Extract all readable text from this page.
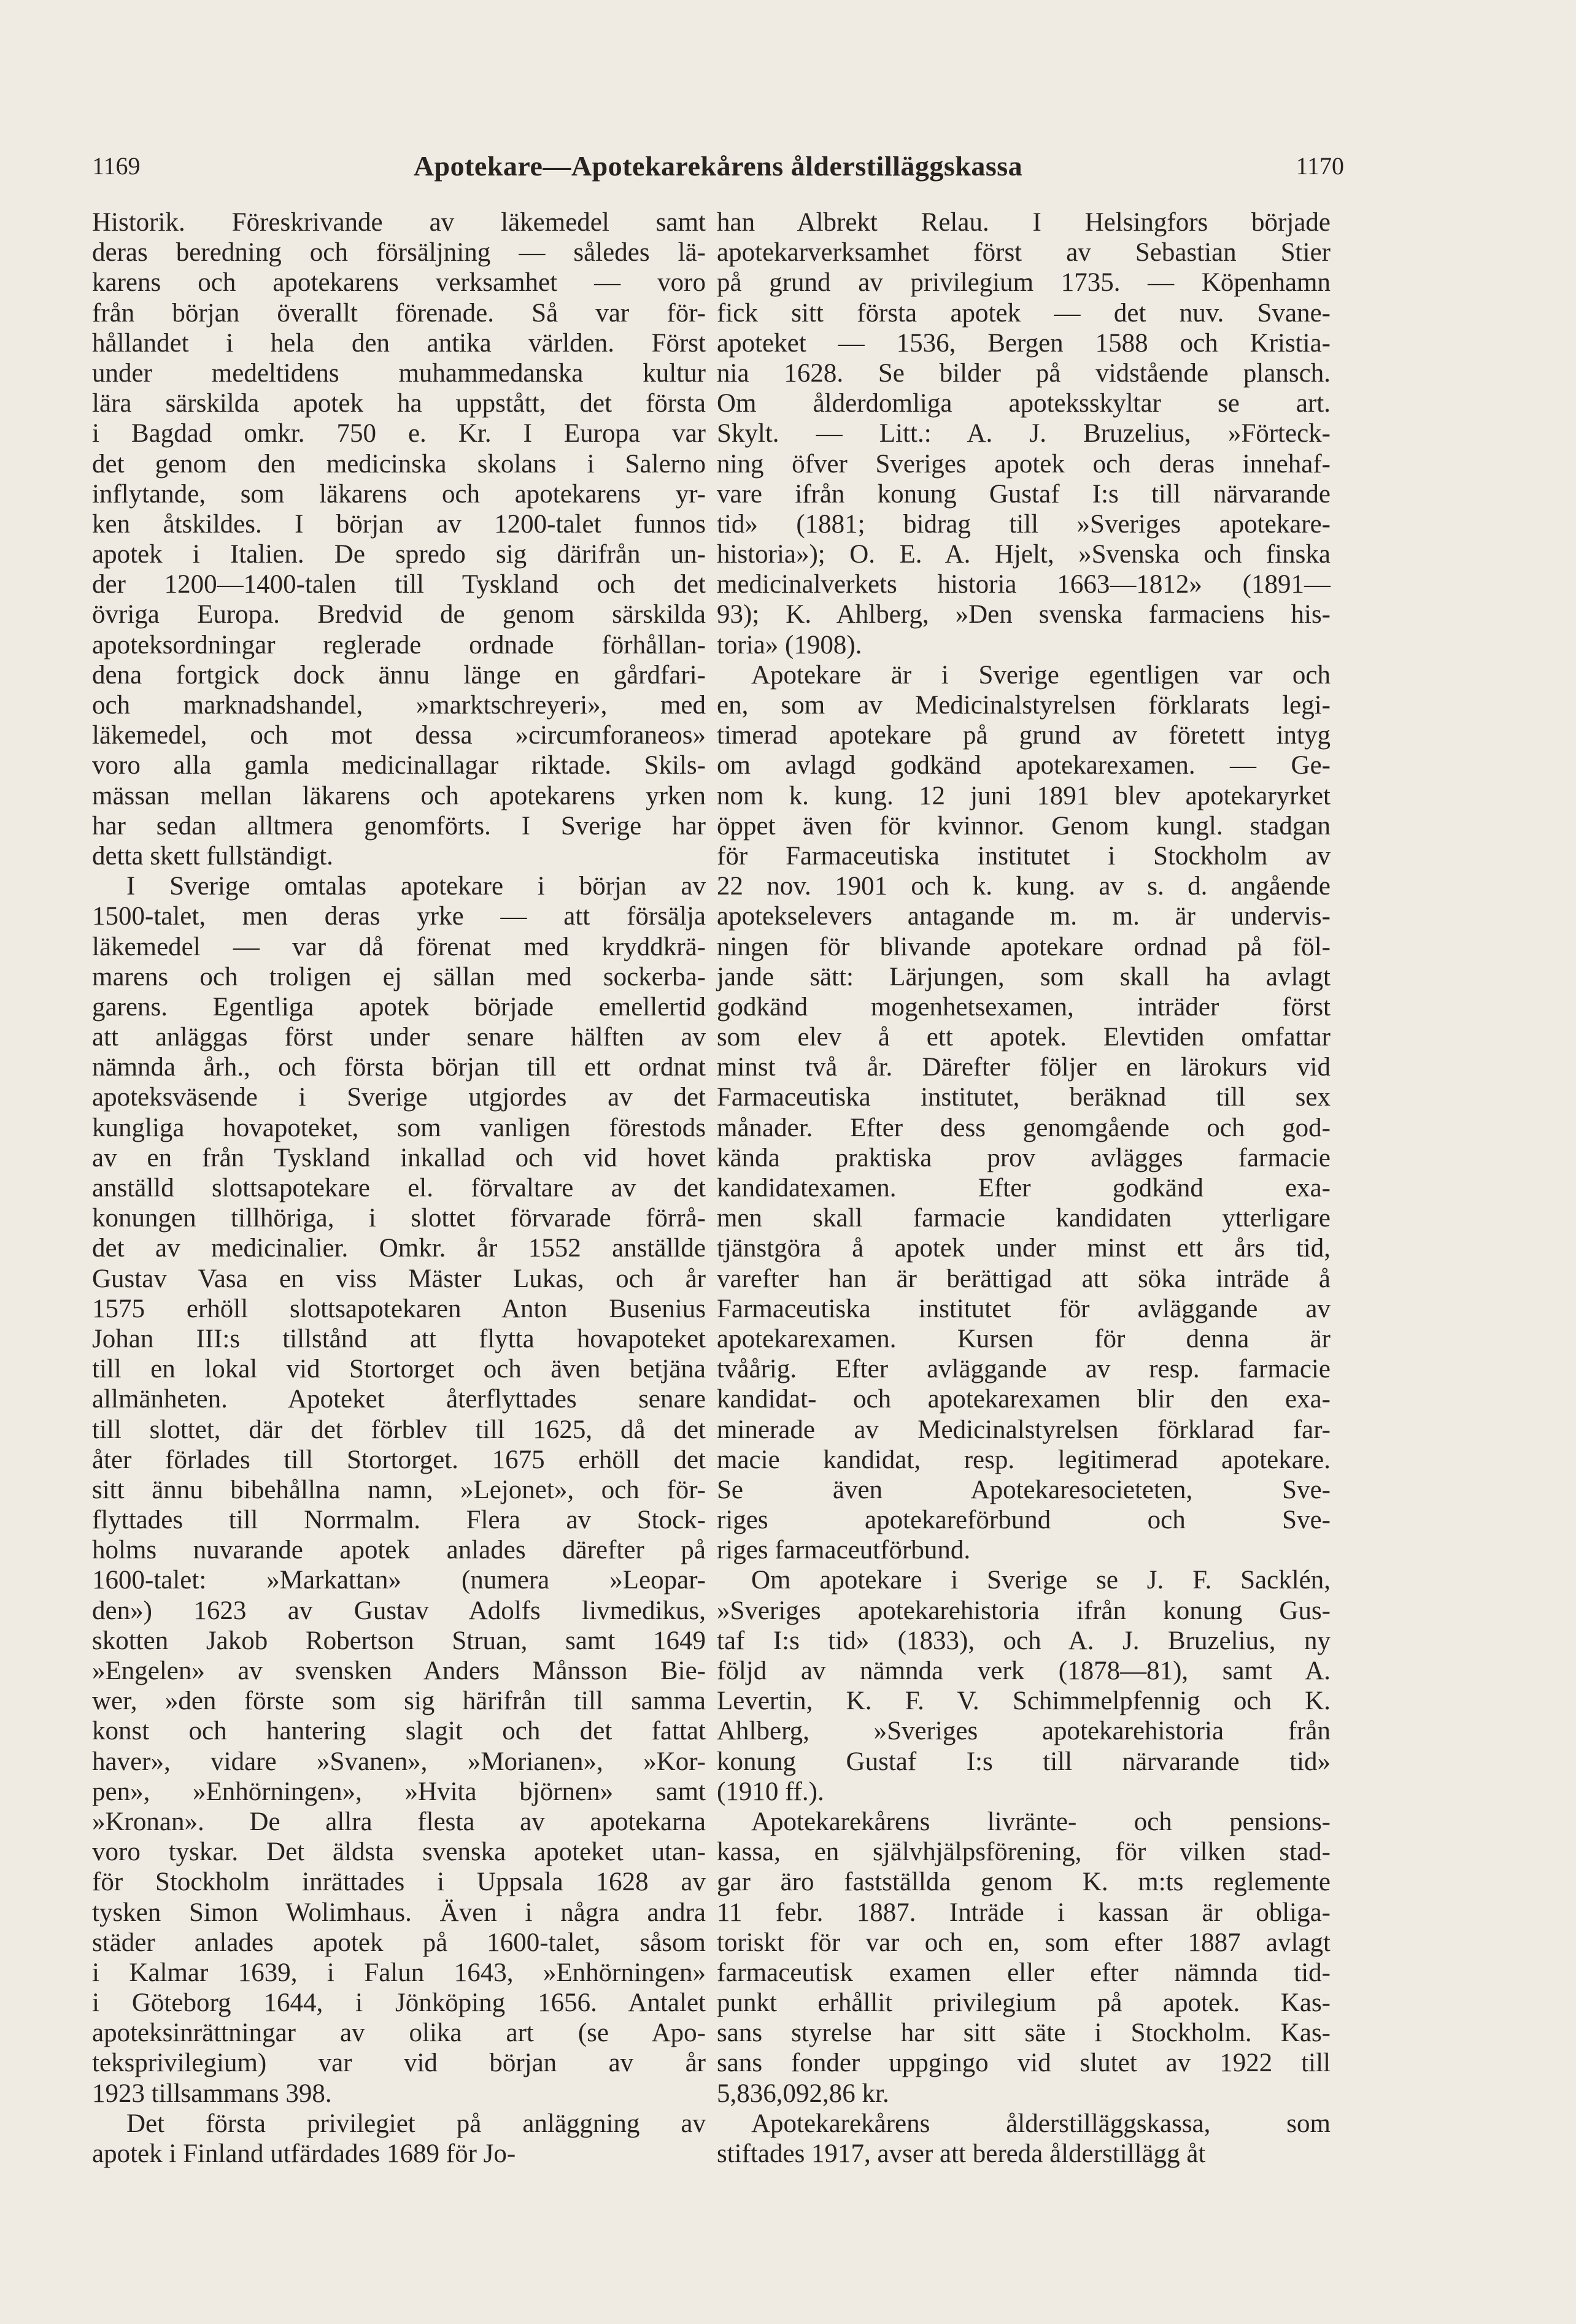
1169	Apotekare—Apotekarekårens ålderstilläggskassa	1170
Historik. Föreskrivande av läkemedel samt
deras beredning och försäljning — således lä-
karens och apotekarens verksamhet — voro
från början överallt förenade. Så var för-
hållandet i hela den antika världen. Först
under medeltidens muhammedanska kultur
lära särskilda apotek ha uppstått, det första
i Bagdad omkr. 750 e. Kr. I Europa var
det genom den medicinska skolans i Salerno
inflytande, som läkarens och apotekarens yr-
ken åtskildes. I början av 1200-talet funnos
apotek i Italien. De spredo sig därifrån un-
der 1200—1400-talen till Tyskland och det
övriga Europa. Bredvid de genom särskilda
apoteksordningar reglerade ordnade förhållan-
dena fortgick dock ännu länge en gårdfari-
och marknadshandel, »marktschreyeri», med
läkemedel, och mot dessa »circumforaneos»
voro alla gamla medicinallagar riktade. Skils-
mässan mellan läkarens och apotekarens yrken
har sedan alltmera genomförts. I Sverige har
detta skett fullständigt.
I Sverige omtalas apotekare i början av
1500-talet, men deras yrke — att försälja
läkemedel — var då förenat med kryddkrä-
marens och troligen ej sällan med sockerba-
garens. Egentliga apotek började emellertid
att anläggas först under senare hälften av
nämnda årh., och första början till ett ordnat
apoteksväsende i Sverige utgjordes av det
kungliga hovapoteket, som vanligen förestods
av en från Tyskland inkallad och vid hovet
anställd slottsapotekare el. förvaltare av det
konungen tillhöriga, i slottet förvarade förrå-
det av medicinalier. Omkr. år 1552 anställde
Gustav Vasa en viss Mäster Lukas, och år
1575 erhöll slottsapotekaren Anton Busenius
Johan III:s tillstånd att flytta hovapoteket
till en lokal vid Stortorget och även betjäna
allmänheten. Apoteket återflyttades senare
till slottet, där det förblev till 1625, då det
åter förlades till Stortorget. 1675 erhöll det
sitt ännu bibehållna namn, »Lejonet», och för-
flyttades till Norrmalm. Flera av Stock-
holms nuvarande apotek anlades därefter på
1600-talet: »Markattan» (numera »Leopar-
den») 1623 av Gustav Adolfs livmedikus,
skotten Jakob Robertson Struan, samt 1649
»Engelen» av svensken Anders Månsson Bie-
wer, »den förste som sig härifrån till samma
konst och hantering slagit och det fattat
haver», vidare »Svanen», »Morianen», »Kor-
pen», »Enhörningen», »Hvita björnen» samt
»Kronan». De allra flesta av apotekarna
voro tyskar. Det äldsta svenska apoteket utan-
för Stockholm inrättades i Uppsala 1628 av
tysken Simon Wolimhaus. Även i några andra
städer anlades apotek på 1600-talet, såsom
i Kalmar 1639, i Falun 1643, »Enhörningen»
i Göteborg 1644, i Jönköping 1656. Antalet
apoteksinrättningar av olika art (se Apo-
teksprivilegium) var vid början av år
1923 tillsammans 398.
Det första privilegiet på anläggning av
apotek i Finland utfärdades 1689 för Jo-
han Albrekt Relau. I Helsingfors började
apotekarverksamhet först av Sebastian Stier
på grund av privilegium 1735. — Köpenhamn
fick sitt första apotek — det nuv. Svane-
apoteket — 1536, Bergen 1588 och Kristia-
nia 1628. Se bilder på vidstående plansch.
Om ålderdomliga apoteksskyltar se art.
Skylt. — Litt.: A. J. Bruzelius, »Förteck-
ning öfver Sveriges apotek och deras innehaf-
vare ifrån konung Gustaf I:s till närvarande
tid» (1881; bidrag till »Sveriges apotekare-
historia»); O. E. A. Hjelt, »Svenska och finska
medicinalverkets historia 1663—1812» (1891—
93); K. Ahlberg, »Den svenska farmaciens his-
toria» (1908).
Apotekare är i Sverige egentligen var och
en, som av Medicinalstyrelsen förklarats legi-
timerad apotekare på grund av företett intyg
om avlagd godkänd apotekarexamen. — Ge-
nom k. kung. 12 juni 1891 blev apotekaryrket
öppet även för kvinnor. Genom kungl. stadgan
för Farmaceutiska institutet i Stockholm av
22 nov. 1901 och k. kung. av s. d. angående
apotekselevers antagande m. m. är undervis-
ningen för blivande apotekare ordnad på föl-
jande sätt: Lärjungen, som skall ha avlagt
godkänd mogenhetsexamen, inträder först
som elev å ett apotek. Elevtiden omfattar
minst två år. Därefter följer en lärokurs vid
Farmaceutiska institutet, beräknad till sex
månader. Efter dess genomgående och god-
kända praktiska prov avlägges farmacie
kandidatexamen. Efter godkänd exa-
men skall farmacie kandidaten ytterligare
tjänstgöra å apotek under minst ett års tid,
varefter han är berättigad att söka inträde å
Farmaceutiska institutet för avläggande av
apotekarexamen. Kursen för denna är
tvåårig. Efter avläggande av resp. farmacie
kandidat- och apotekarexamen blir den exa-
minerade av Medicinalstyrelsen förklarad far-
macie kandidat, resp. legitimerad apotekare.
Se även Apotekaresocieteten, Sve-
riges apotekareförbund och Sve-
riges farmaceutförbund.
Om apotekare i Sverige se J. F. Sacklén,
»Sveriges apotekarehistoria ifrån konung Gus-
taf I:s tid» (1833), och A. J. Bruzelius, ny
följd av nämnda verk (1878—81), samt A.
Levertin, K. F. V. Schimmelpfennig och K.
Ahlberg, »Sveriges apotekarehistoria från
konung Gustaf I:s till närvarande tid»
(1910 ff.).
Apotekarekårens livränte- och pensions-
kassa, en självhjälpsförening, för vilken stad-
gar äro fastställda genom K. m:ts reglemente
11 febr. 1887. Inträde i kassan är obliga-
toriskt för var och en, som efter 1887 avlagt
farmaceutisk examen eller efter nämnda tid-
punkt erhållit privilegium på apotek. Kas-
sans styrelse har sitt säte i Stockholm. Kas-
sans fonder uppgingo vid slutet av 1922 till
5,836,092,86 kr.
Apotekarekårens ålderstilläggskassa, som
stiftades 1917, avser att bereda ålderstillägg åt
